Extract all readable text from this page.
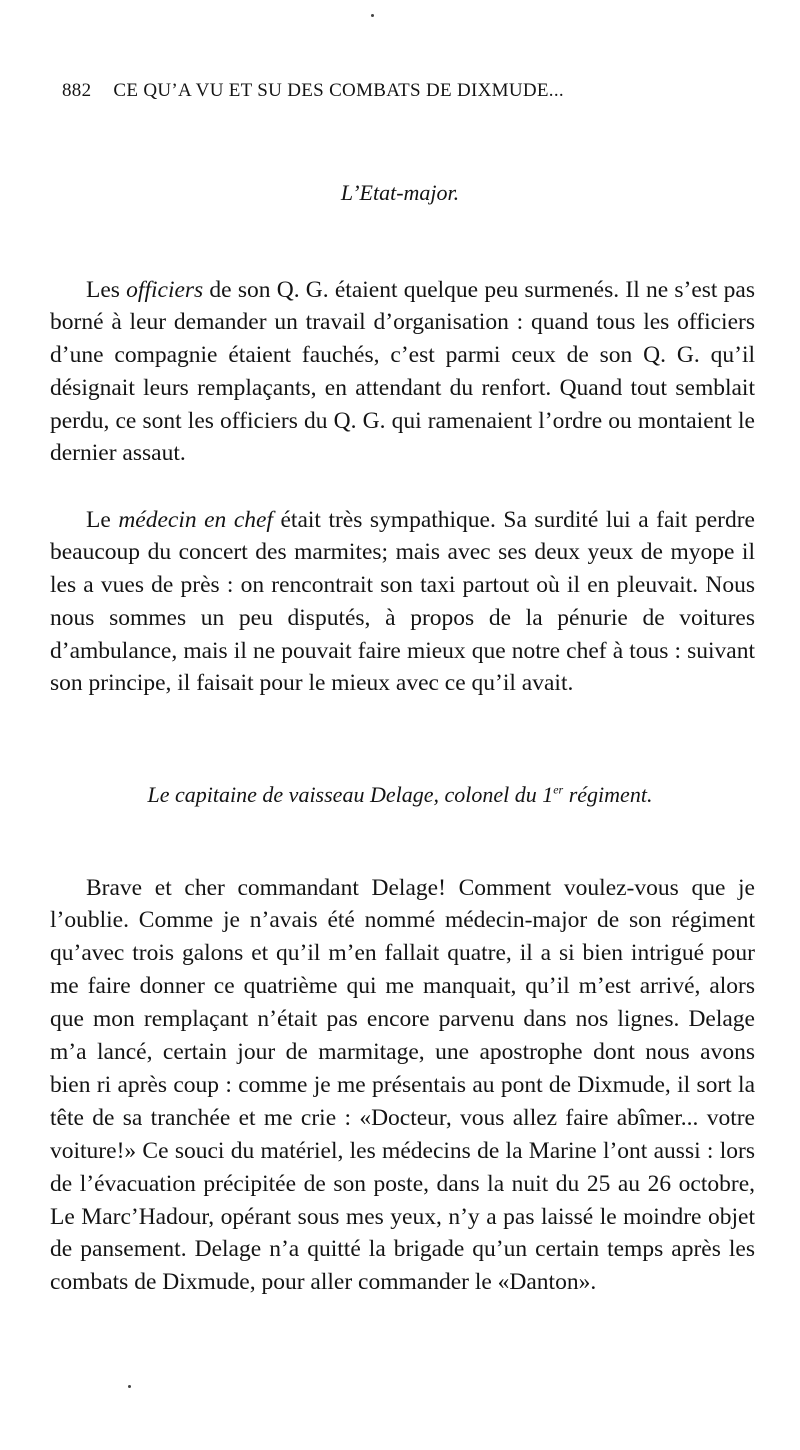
882 CE QU’A VU ET SU DES COMBATS DE DIXMUDE...
L’Etat-major.

Les officiers de son Q. G. étaient quelque peu surmenés. Il ne s’est pas borné à leur demander un travail d’organisation : quand tous les officiers d’une compagnie étaient fauchés, c’est parmi ceux de son Q. G. qu’il désignait leurs remplaçants, en attendant du renfort. Quand tout semblait perdu, ce sont les officiers du Q. G. qui ramenaient l’ordre ou montaient le dernier assaut.

Le médecin en chef était très sympathique. Sa surdité lui a fait perdre beaucoup du concert des marmites; mais avec ses deux yeux de myope il les a vues de près : on rencontrait son taxi partout où il en pleuvait. Nous nous sommes un peu disputés, à propos de la pénurie de voitures d’ambulance, mais il ne pouvait faire mieux que notre chef à tous : suivant son principe, il faisait pour le mieux avec ce qu’il avait.

Le capitaine de vaisseau Delage, colonel du 1er régiment.

Brave et cher commandant Delage! Comment voulez-vous que je l’oublie. Comme je n’avais été nommé médecin-major de son régiment qu’avec trois galons et qu’il m’en fallait quatre, il a si bien intrigué pour me faire donner ce quatrième qui me manquait, qu’il m’est arrivé, alors que mon remplaçant n’était pas encore parvenu dans nos lignes. Delage m’a lancé, certain jour de marmitage, une apostrophe dont nous avons bien ri après coup : comme je me présentais au pont de Dixmude, il sort la tête de sa tranchée et me crie : «Docteur, vous allez faire abîmer... votre voiture!» Ce souci du matériel, les médecins de la Marine l’ont aussi : lors de l’évacuation précipitée de son poste, dans la nuit du 25 au 26 octobre, Le Marc’Hadour, opérant sous mes yeux, n’y a pas laissé le moindre objet de pansement. Delage n’a quitté la brigade qu’un certain temps après les combats de Dixmude, pour aller commander le «Danton».
